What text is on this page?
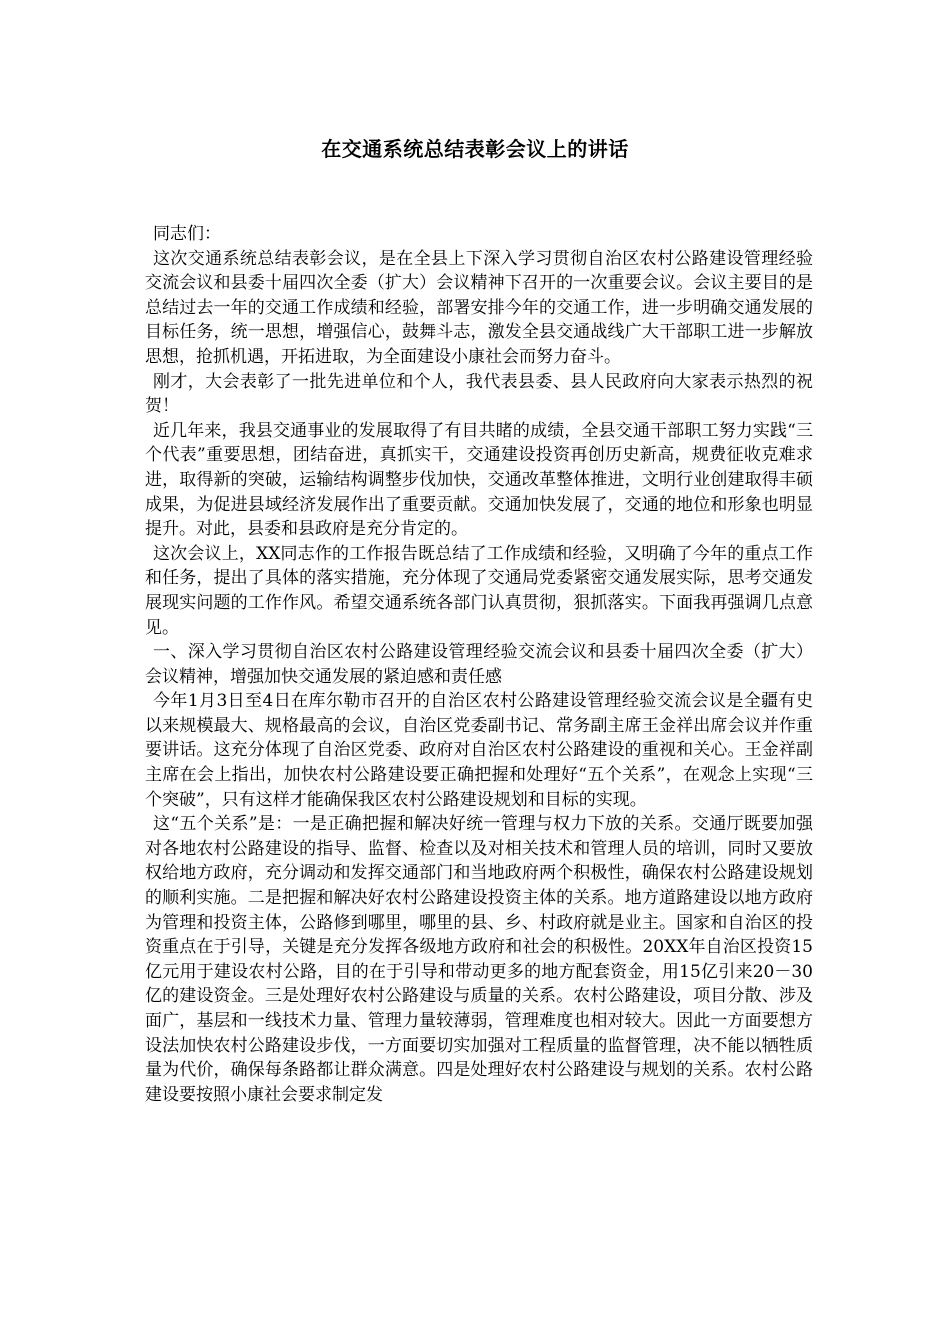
在交通系统总结表彰会议上的讲话

同志们：

这次交通系统总结表彰会议，是在全县上下深入学习贯彻自治区农村公路建设管理经验交流会议和县委十届四次全委（扩大）会议精神下召开的一次重要会议。会议主要目的是总结过去一年的交通工作成绩和经验，部署安排今年的交通工作，进一步明确交通发展的目标任务，统一思想，增强信心，鼓舞斗志，激发全县交通战线广大干部职工进一步解放思想，抢抓机遇，开拓进取，为全面建设小康社会而努力奋斗。

刚才，大会表彰了一批先进单位和个人，我代表县委、县人民政府向大家表示热烈的祝贺！

近几年来，我县交通事业的发展取得了有目共睹的成绩，全县交通干部职工努力实践“三个代表”重要思想，团结奋进，真抓实干，交通建设投资再创历史新高，规费征收克难求进，取得新的突破，运输结构调整步伐加快，交通改革整体推进，文明行业创建取得丰硕成果，为促进县域经济发展作出了重要贡献。交通加快发展了，交通的地位和形象也明显提升。对此，县委和县政府是充分肯定的。

这次会议上，XX同志作的工作报告既总结了工作成绩和经验，又明确了今年的重点工作和任务，提出了具体的落实措施，充分体现了交通局党委紧密交通发展实际，思考交通发展现实问题的工作作风。希望交通系统各部门认真贯彻，狠抓落实。下面我再强调几点意见。

一、深入学习贯彻自治区农村公路建设管理经验交流会议和县委十届四次全委（扩大）会议精神，增强加快交通发展的紧迫感和责任感

今年1月3日至4日在库尔勒市召开的自治区农村公路建设管理经验交流会议是全疆有史以来规模最大、规格最高的会议，自治区党委副书记、常务副主席王金祥出席会议并作重要讲话。这充分体现了自治区党委、政府对自治区农村公路建设的重视和关心。王金祥副主席在会上指出，加快农村公路建设要正确把握和处理好“五个关系”，在观念上实现“三个突破”，只有这样才能确保我区农村公路建设规划和目标的实现。

这“五个关系”是：一是正确把握和解决好统一管理与权力下放的关系。交通厅既要加强对各地农村公路建设的指导、监督、检查以及对相关技术和管理人员的培训，同时又要放权给地方政府，充分调动和发挥交通部门和当地政府两个积极性，确保农村公路建设规划的顺利实施。二是把握和解决好农村公路建设投资主体的关系。地方道路建设以地方政府为管理和投资主体，公路修到哪里，哪里的县、乡、村政府就是业主。国家和自治区的投资重点在于引导，关键是充分发挥各级地方政府和社会的积极性。20XX年自治区投资15亿元用于建设农村公路，目的在于引导和带动更多的地方配套资金，用15亿引来20－30亿的建设资金。三是处理好农村公路建设与质量的关系。农村公路建设，项目分散、涉及面广，基层和一线技术力量、管理力量较薄弱，管理难度也相对较大。因此一方面要想方设法加快农村公路建设步伐，一方面要切实加强对工程质量的监督管理，决不能以牺牲质量为代价，确保每条路都让群众满意。四是处理好农村公路建设与规划的关系。农村公路建设要按照小康社会要求制定发
